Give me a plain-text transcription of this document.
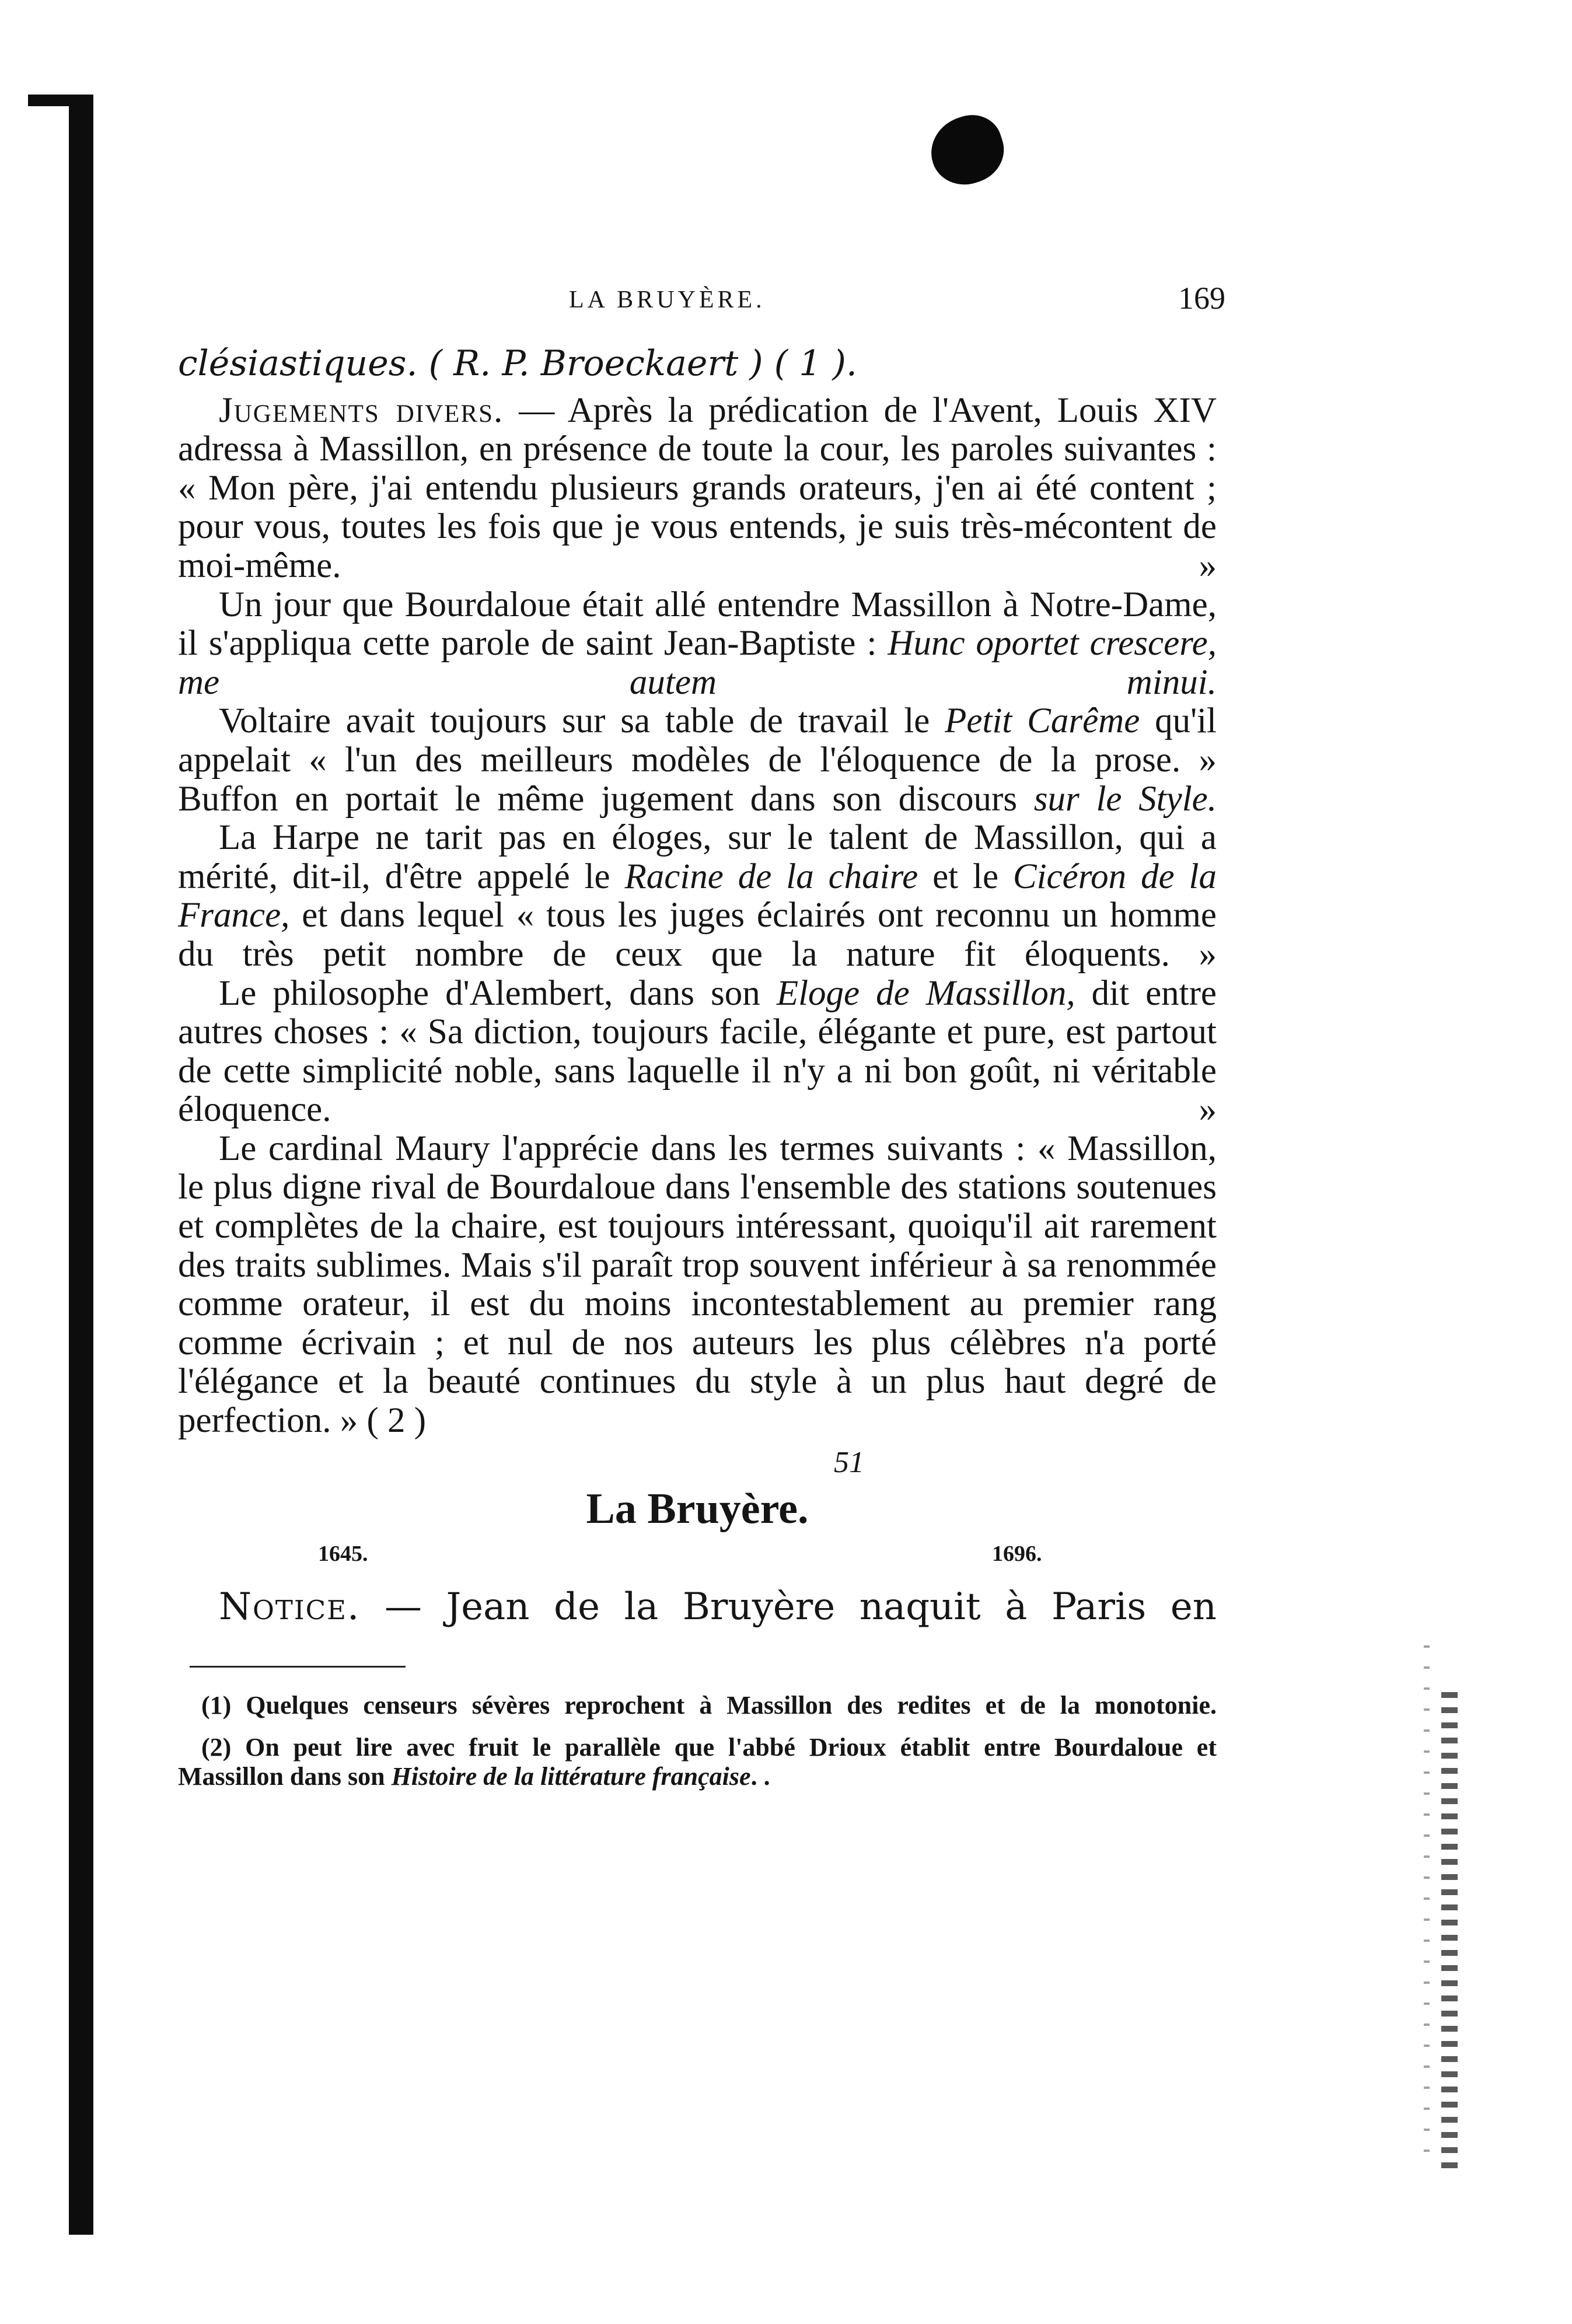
LA BRUYÈRE.	169

clésiastiques. ( R. P. Broeckaert ) ( 1 ).

Jugements divers. — Après la prédication de l'Avent, Louis XIV adressa à Massillon, en présence de toute la cour, les paroles suivantes : « Mon père, j'ai entendu plusieurs grands orateurs, j'en ai été content ; pour vous, toutes les fois que je vous entends, je suis très-mécontent de moi-même. »

Un jour que Bourdaloue était allé entendre Massillon à Notre-Dame, il s'appliqua cette parole de saint Jean-Baptiste : Hunc oportet crescere, me autem minui.

Voltaire avait toujours sur sa table de travail le Petit Carême qu'il appelait « l'un des meilleurs modèles de l'éloquence de la prose. » Buffon en portait le même jugement dans son discours sur le Style.

La Harpe ne tarit pas en éloges, sur le talent de Massillon, qui a mérité, dit-il, d'être appelé le Racine de la chaire et le Cicéron de la France, et dans lequel « tous les juges éclairés ont reconnu un homme du très petit nombre de ceux que la nature fit éloquents. »

Le philosophe d'Alembert, dans son Eloge de Massillon, dit entre autres choses : « Sa diction, toujours facile, élégante et pure, est partout de cette simplicité noble, sans laquelle il n'y a ni bon goût, ni véritable éloquence. »

Le cardinal Maury l'apprécie dans les termes suivants : « Massillon, le plus digne rival de Bourdaloue dans l'ensemble des stations soutenues et complètes de la chaire, est toujours intéressant, quoiqu'il ait rarement des traits sublimes. Mais s'il paraît trop souvent inférieur à sa renommée comme orateur, il est du moins incontestablement au premier rang comme écrivain ; et nul de nos auteurs les plus célèbres n'a porté l'élégance et la beauté continues du style à un plus haut degré de perfection. » ( 2 )

51
La Bruyère.
1645.	1696.

Notice. — Jean de la Bruyère naquit à Paris en

(1) Quelques censeurs sévères reprochent à Massillon des redites et de la monotonie.

(2) On peut lire avec fruit le parallèle que l'abbé Drioux établit entre Bourdaloue et Massillon dans son Histoire de la littérature française. .
